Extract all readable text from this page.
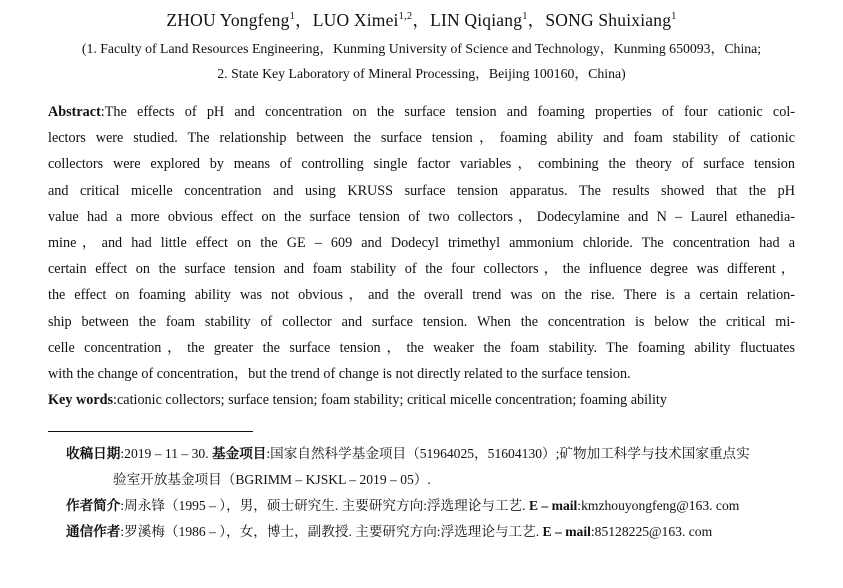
ZHOU Yongfeng$^1$，LUO Ximei$^{1,2}$，LIN Qiqiang$^1$，SONG Shuixiang$^1$
(1. Faculty of Land Resources Engineering，Kunming University of Science and Technology，Kunming 650093，China;
2. State Key Laboratory of Mineral Processing，Beijing 100160，China)
Abstract:The effects of pH and concentration on the surface tension and foaming properties of four cationic col-
lectors were studied. The relationship between the surface tension，foaming ability and foam stability of cationic
collectors were explored by means of controlling single factor variables，combining the theory of surface tension
and critical micelle concentration and using KRUSS surface tension apparatus. The results showed that the pH
value had a more obvious effect on the surface tension of two collectors，Dodecylamine and N – Laurel ethanedia-
mine，and had little effect on the GE – 609 and Dodecyl trimethyl ammonium chloride. The concentration had a
certain effect on the surface tension and foam stability of the four collectors，the influence degree was different，
the effect on foaming ability was not obvious，and the overall trend was on the rise. There is a certain relation-
ship between the foam stability of collector and surface tension. When the concentration is below the critical mi-
celle concentration，the greater the surface tension，the weaker the foam stability. The foaming ability fluctuates
with the change of concentration，but the trend of change is not directly related to the surface tension.
Key words:cationic collectors; surface tension; foam stability; critical micelle concentration; foaming ability
收稿日期:2019 – 11 – 30. 基金项目:国家自然科学基金项目（51964025，51604130）;矿物加工科学与技术国家重点实
验室开放基金项目（BGRIMM – KJSKL – 2019 – 05）.
作者简介:周永锋（1995 – ），男，硕士研究生. 主要研究方向:浮选理论与工艺. E – mail:kmzhouyongfeng@163. com
通信作者:罗溪梅（1986 – ），女，博士，副教授. 主要研究方向:浮选理论与工艺. E – mail:85128225@163. com
